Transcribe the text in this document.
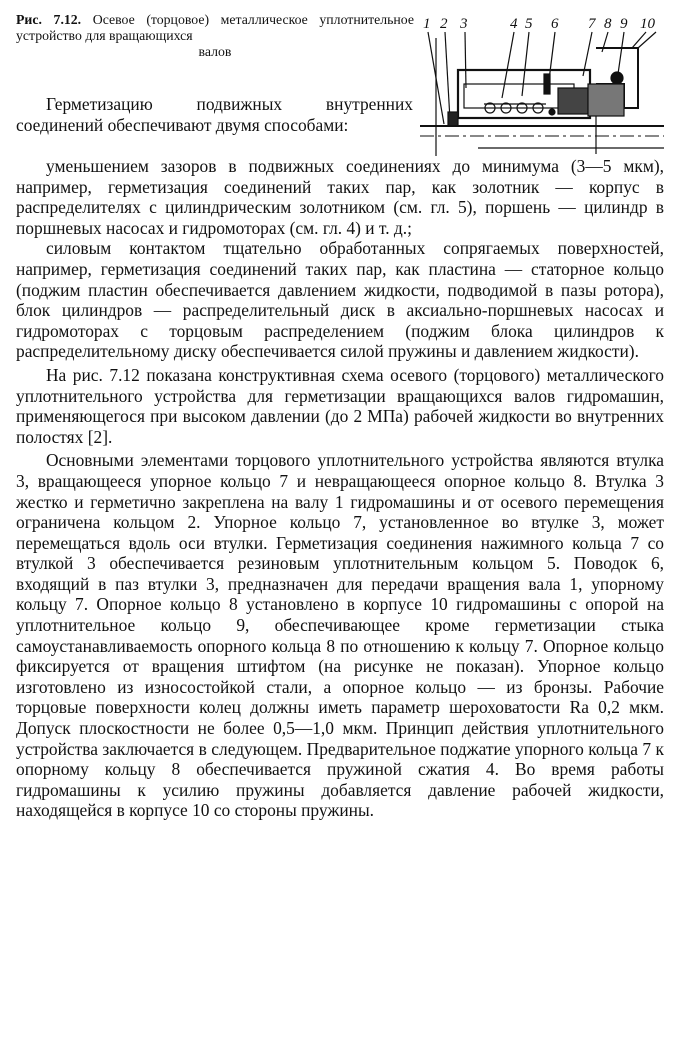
Рис. 7.12. Осевое (торцовое) металлическое уплотнительное устройство для вращающихся
валов
1 2 3	4 5 6 7 8 9 10

Герметизацию подвижных внутренних соединений обеспечивают двумя способами:

уменьшением зазоров в подвижных соединениях до минимума (3—5 мкм), например, герметизация соединений таких пар, как золотник — корпус в распределителях с цилиндрическим золотником (см. гл. 5), поршень — цилиндр в поршневых насосах и гидромоторах (см. гл. 4) и т. д.;

силовым контактом тщательно обработанных сопрягаемых поверхностей, например, герметизация соединений таких пар, как пластина — статорное кольцо (поджим пластин обеспечивается давлением жидкости, подводимой в пазы ротора), блок цилиндров — распределительный диск в аксиально-поршневых насосах и гидромоторах с торцовым распределением (поджим блока цилиндров к распределительному диску обеспечивается силой пружины и давлением жидкости).

На рис. 7.12 показана конструктивная схема осевого (торцового) металлического уплотнительного устройства для герметизации вращающихся валов гидромашин, применяющегося при высоком давлении (до 2 МПа) рабочей жидкости во внутренних полостях [2].

Основными элементами торцового уплотнительного устройства являются втулка 3, вращающееся упорное кольцо 7 и невращающееся опорное кольцо 8. Втулка 3 жестко и герметично закреплена на валу 1 гидромашины и от осевого перемещения ограничена кольцом 2. Упорное кольцо 7, установленное во втулке 3, может перемещаться вдоль оси втулки. Герметизация соединения нажимного кольца 7 со втулкой 3 обеспечивается резиновым уплотнительным кольцом 5. Поводок 6, входящий в паз втулки 3, предназначен для передачи вращения вала 1, упорному кольцу 7. Опорное кольцо 8 установлено в корпусе 10 гидромашины с опорой на уплотнительное кольцо 9, обеспечивающее кроме герметизации стыка самоустанавливаемость опорного кольца 8 по отношению к кольцу 7. Опорное кольцо фиксируется от вращения штифтом (на рисунке не показан). Упорное кольцо изготовлено из износостойкой стали, а опорное кольцо — из бронзы. Рабочие торцовые поверхности колец должны иметь параметр шероховатости Ra 0,2 мкм. Допуск плоскостности не более 0,5—1,0 мкм. Принцип действия уплотнительного устройства заключается в следующем. Предварительное поджатие упорного кольца 7 к опорному кольцу 8 обеспечивается пружиной сжатия 4. Во время работы гидромашины к усилию пружины добавляется давление рабочей жидкости, находящейся в корпусе 10 со стороны пружины.
